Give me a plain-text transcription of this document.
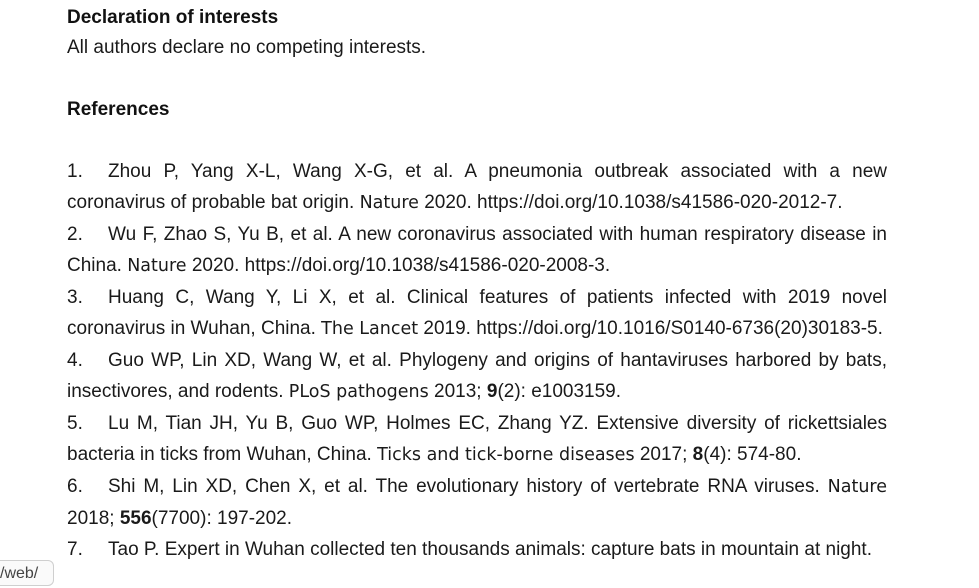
Declaration of interests

All authors declare no competing interests.

References

1. Zhou P, Yang X-L, Wang X-G, et al. A pneumonia outbreak associated with a new coronavirus of probable bat origin. Nature 2020. https://doi.org/10.1038/s41586-020-2012-7.
2. Wu F, Zhao S, Yu B, et al. A new coronavirus associated with human respiratory disease in China. Nature 2020. https://doi.org/10.1038/s41586-020-2008-3.
3. Huang C, Wang Y, Li X, et al. Clinical features of patients infected with 2019 novel coronavirus in Wuhan, China. The Lancet 2019. https://doi.org/10.1016/S0140-6736(20)30183-5.
4. Guo WP, Lin XD, Wang W, et al. Phylogeny and origins of hantaviruses harbored by bats, insectivores, and rodents. PLoS pathogens 2013; 9(2): e1003159.
5. Lu M, Tian JH, Yu B, Guo WP, Holmes EC, Zhang YZ. Extensive diversity of rickettsiales bacteria in ticks from Wuhan, China. Ticks and tick-borne diseases 2017; 8(4): 574-80.
6. Shi M, Lin XD, Chen X, et al. The evolutionary history of vertebrate RNA viruses. Nature 2018; 556(7700): 197-202.
7. Tao P. Expert in Wuhan collected ten thousands animals: capture bats in mountain at night.
/web/
